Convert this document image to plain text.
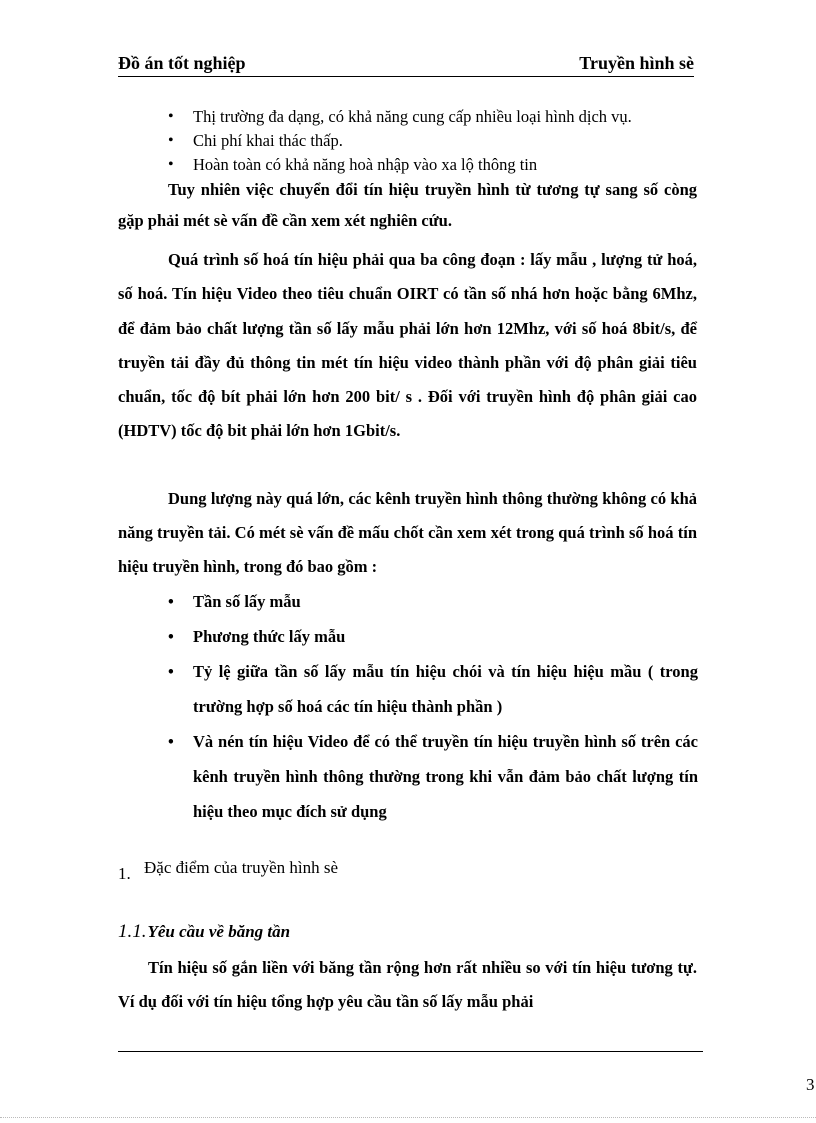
Đồ án tốt nghiệp	Truyền hình sè
• Thị trường đa dạng, có khả năng cung cấp nhiều loại hình dịch vụ.
• Chi phí khai thác thấp.
• Hoàn toàn có khả năng hoà nhập vào xa lộ thông tin

Tuy nhiên việc chuyển đổi tín hiệu truyền hình từ tương tự sang số còng gặp phải mét sè vấn đề cần xem xét nghiên cứu.

Quá trình số hoá tín hiệu phải qua ba công đoạn : lấy mẫu , lượng tử hoá, số hoá. Tín hiệu Video theo tiêu chuẩn OIRT có tần số nhá hơn hoặc bằng 6Mhz, để đảm bảo chất lượng tần số lấy mẫu phải lớn hơn 12Mhz, với số hoá 8bit/s, để truyền tải đầy đủ thông tin mét tín hiệu video thành phần với độ phân giải tiêu chuẩn, tốc độ bít phải lớn hơn 200 bit/ s . Đối với truyền hình độ phân giải cao (HDTV) tốc độ bit phải lớn hơn 1Gbit/s.

Dung lượng này quá lớn, các kênh truyền hình thông thường không có khả năng truyền tải. Có mét sè vấn đề mấu chốt cần xem xét trong quá trình số hoá tín hiệu truyền hình, trong đó bao gồm :

• Tần số lấy mẫu
• Phương thức lấy mẫu
• Tỷ lệ giữa tần số lấy mẫu tín hiệu chói và tín hiệu hiệu mầu ( trong trường hợp số hoá các tín hiệu thành phần )
• Và nén tín hiệu Video để có thể truyền tín hiệu truyền hình số trên các kênh truyền hình thông thường trong khi vẫn đảm bảo chất lượng tín hiệu theo mục đích sử dụng
1. Đặc điểm của truyền hình sè
1.1.Yêu cầu về băng tần

Tín hiệu số gắn liền với băng tần rộng hơn rất nhiều so với tín hiệu tương tự. Ví dụ đối với tín hiệu tổng hợp yêu cầu tần số lấy mẫu phải

3
